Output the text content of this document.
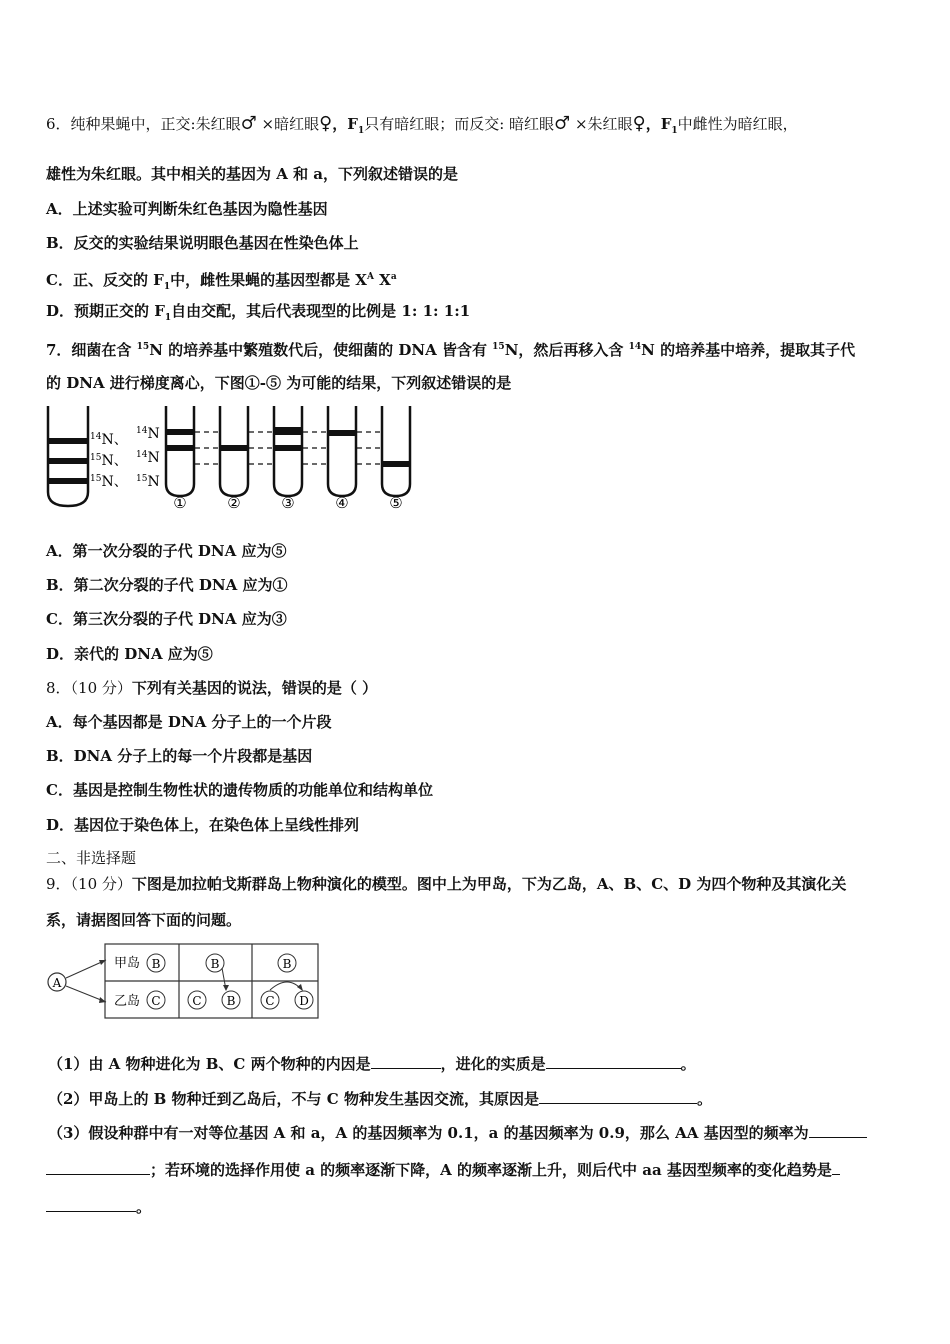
6．纯种果蝇中，正交:朱红眼♂ ×暗红眼♀，$F_1$只有暗红眼；而反交: 暗红眼♂ ×朱红眼♀，$F_1$中雌性为暗红眼，
雄性为朱红眼。其中相关的基因为 A 和 a，下列叙述错误的是
A．上述实验可判断朱红色基因为隐性基因
B．反交的实验结果说明眼色基因在性染色体上
C．正、反交的 $F_1$中，雌性果蝇的基因型都是 $X^A$ $X^a$
D．预期正交的 $F_1$自由交配，其后代表现型的比例是 1: 1: 1:1
7．细菌在含 $^{15}$N 的培养基中繁殖数代后，使细菌的 DNA 皆含有 $^{15}$N，然后再移入含 $^{14}$N 的培养基中培养，提取其子代
的 DNA 进行梯度离心，下图①-⑤ 为可能的结果，下列叙述错误的是
$^{14}$N、
$^{15}$N、
$^{15}$N、
$^{14}$N
$^{14}$N
$^{15}$N
①	②	③	④	⑤
A．第一次分裂的子代 DNA 应为⑤
B．第二次分裂的子代 DNA 应为①
C．第三次分裂的子代 DNA 应为③
D．亲代的 DNA 应为⑤
8．（10 分）下列有关基因的说法，错误的是（ ）
A．每个基因都是 DNA 分子上的一个片段
B．DNA 分子上的每一个片段都是基因
C．基因是控制生物性状的遗传物质的功能单位和结构单位
D．基因位于染色体上，在染色体上呈线性排列
二、非选择题
9．（10 分）下图是加拉帕戈斯群岛上物种演化的模型。图中上为甲岛，下为乙岛，A、B、C、D 为四个物种及其演化关
系，请据图回答下面的问题。
A
甲岛
乙岛
B	B	B
C	C B C D
（1）由 A 物种进化为 B、C 两个物种的内因是	，进化的实质是	。
（2）甲岛上的 B 物种迁到乙岛后，不与 C 物种发生基因交流，其原因是	。
（3）假设种群中有一对等位基因 A 和 a，A 的基因频率为 0.1，a 的基因频率为 0.9，那么 AA 基因型的频率为
；若环境的选择作用使 a 的频率逐渐下降，A 的频率逐渐上升，则后代中 aa 基因型频率的变化趋势是
。
